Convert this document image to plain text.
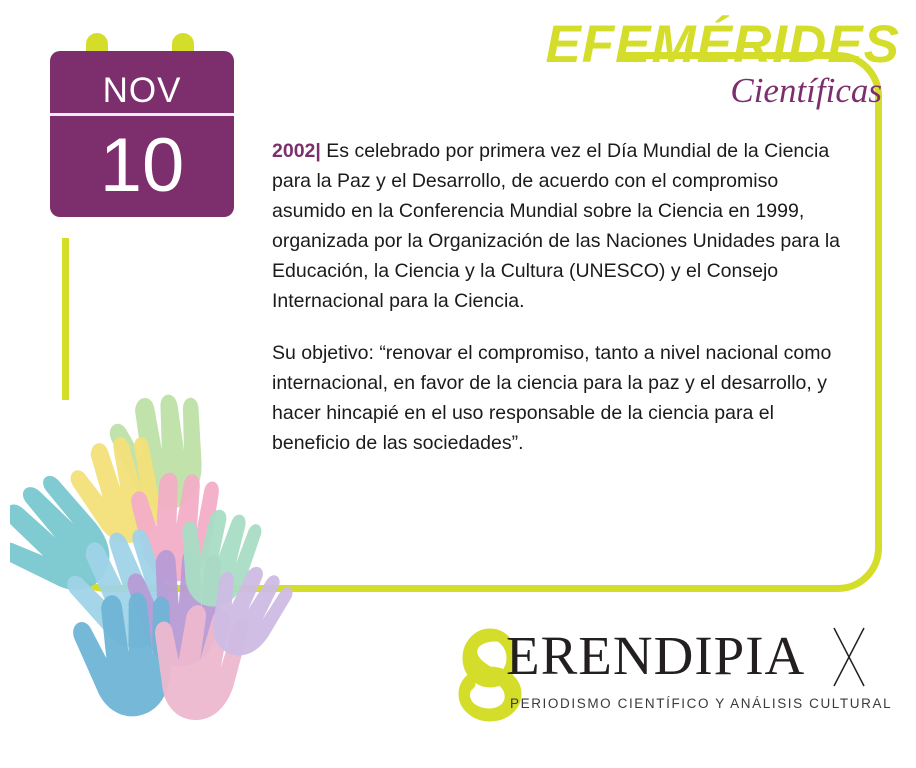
NOV
10
EFEMÉRIDES
Científicas

2002| Es celebrado por primera vez el Día Mundial de la Ciencia para la Paz y el Desarrollo, de acuerdo con el compromiso asumido en la Conferencia Mundial sobre la Ciencia en 1999, organizada por la Organización de las Naciones Unidades para la Educación, la Ciencia y la Cultura (UNESCO) y el Consejo Internacional para la Ciencia.

Su objetivo: “renovar el compromiso, tanto a nivel nacional como internacional, en favor de la ciencia para la paz y el desarrollo, y hacer hincapié en el uso responsable de la ciencia para el beneficio de las sociedades”.

ERENDIPIA
PERIODISMO CIENTÍFICO Y ANÁLISIS CULTURAL
